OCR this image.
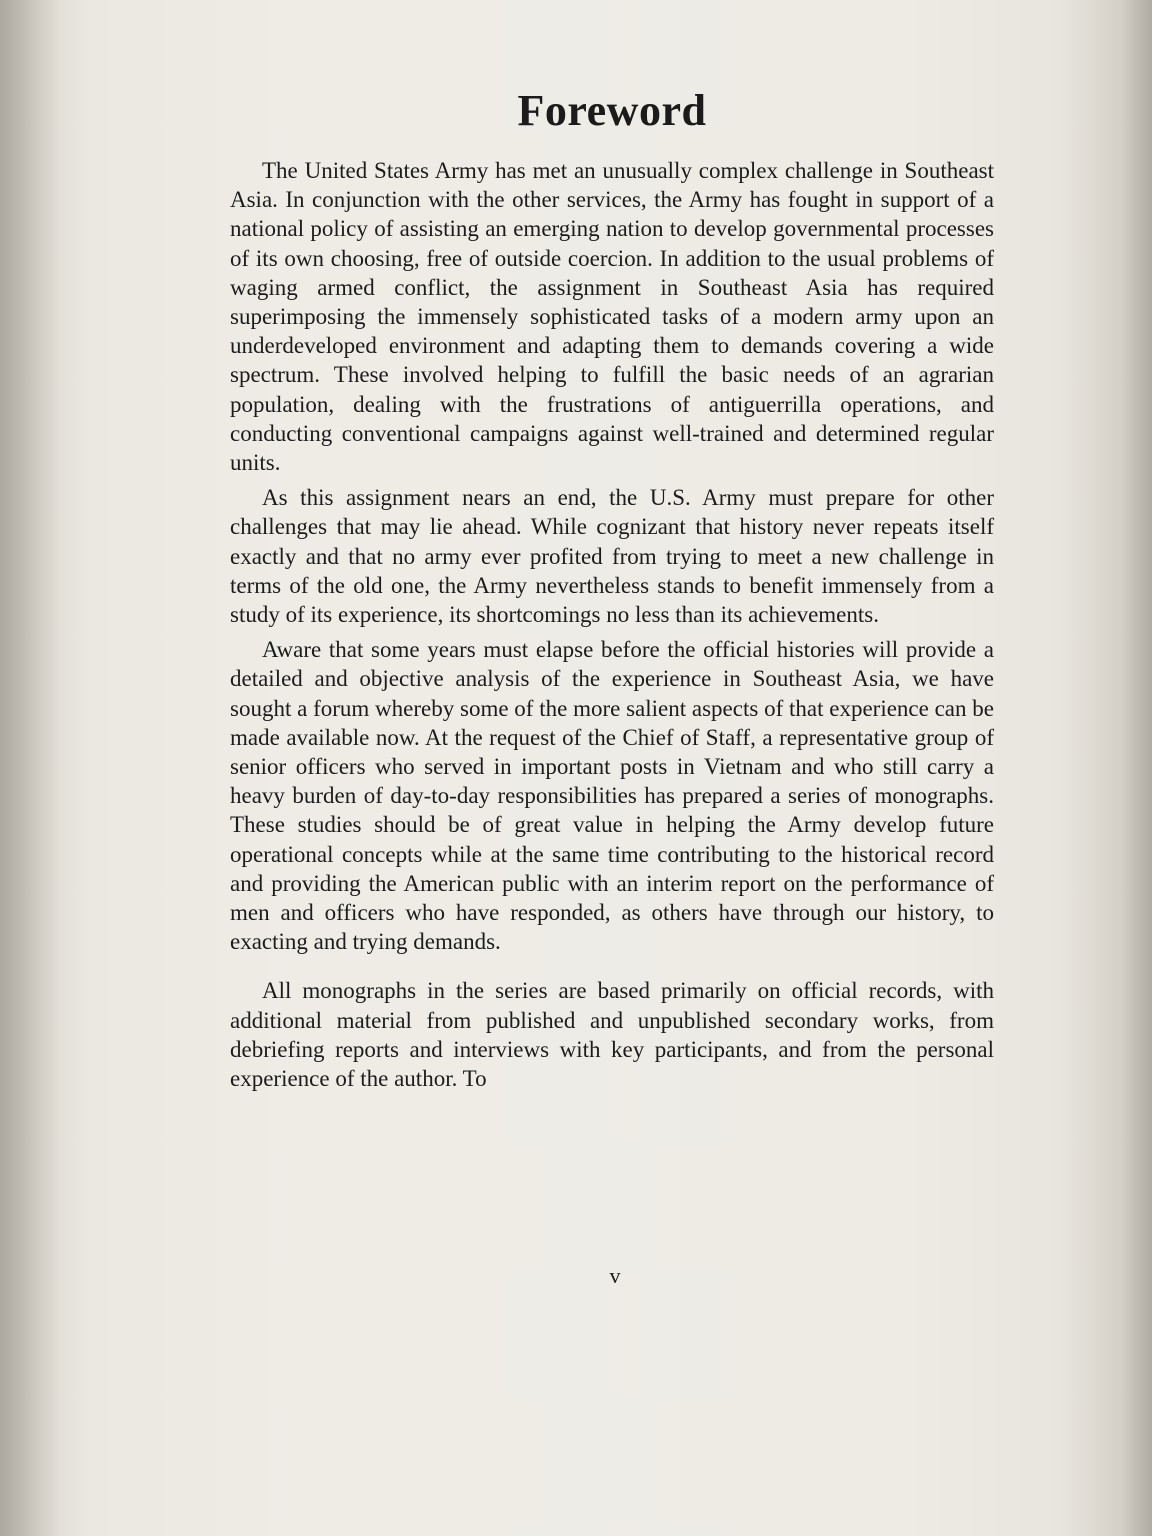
Foreword

The United States Army has met an unusually complex challenge in Southeast Asia. In conjunction with the other services, the Army has fought in support of a national policy of assisting an emerging nation to develop governmental processes of its own choosing, free of outside coercion. In addition to the usual problems of waging armed conflict, the assignment in Southeast Asia has required superimposing the immensely sophisticated tasks of a modern army upon an underdeveloped environment and adapting them to demands covering a wide spectrum. These involved helping to fulfill the basic needs of an agrarian population, dealing with the frustrations of antiguerrilla operations, and conducting conventional campaigns against well-trained and determined regular units.

As this assignment nears an end, the U.S. Army must prepare for other challenges that may lie ahead. While cognizant that history never repeats itself exactly and that no army ever profited from trying to meet a new challenge in terms of the old one, the Army nevertheless stands to benefit immensely from a study of its experience, its shortcomings no less than its achievements.

Aware that some years must elapse before the official histories will provide a detailed and objective analysis of the experience in Southeast Asia, we have sought a forum whereby some of the more salient aspects of that experience can be made available now. At the request of the Chief of Staff, a representative group of senior officers who served in important posts in Vietnam and who still carry a heavy burden of day-to-day responsibilities has prepared a series of monographs. These studies should be of great value in helping the Army develop future operational concepts while at the same time contributing to the historical record and providing the American public with an interim report on the performance of men and officers who have responded, as others have through our history, to exacting and trying demands.

All monographs in the series are based primarily on official records, with additional material from published and unpublished secondary works, from debriefing reports and interviews with key participants, and from the personal experience of the author. To

v
